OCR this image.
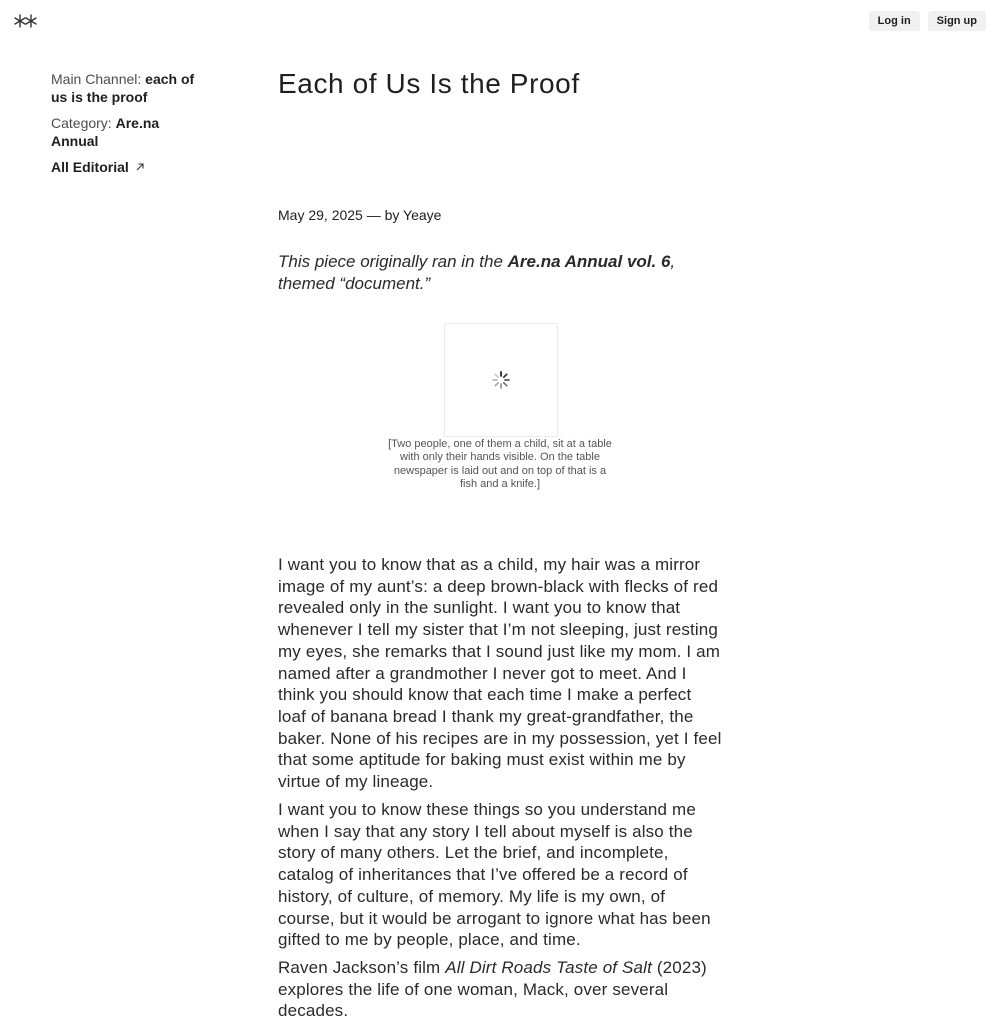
Log in	Sign up
Main Channel: each of us is the proof
Category: Are.na Annual
All Editorial
Each of Us Is the Proof
May 29, 2025 — by Yeaye

This piece originally ran in the Are.na Annual vol. 6, themed “document.”

[Two people, one of them a child, sit at a table with only their hands visible. On the table newspaper is laid out and on top of that is a fish and a knife.]

I want you to know that as a child, my hair was a mirror image of my aunt’s: a deep brown-black with flecks of red revealed only in the sunlight. I want you to know that whenever I tell my sister that I’m not sleeping, just resting my eyes, she remarks that I sound just like my mom. I am named after a grandmother I never got to meet. And I think you should know that each time I make a perfect loaf of banana bread I thank my great-grandfather, the baker. None of his recipes are in my possession, yet I feel that some aptitude for baking must exist within me by virtue of my lineage.

I want you to know these things so you understand me when I say that any story I tell about myself is also the story of many others. Let the brief, and incomplete, catalog of inheritances that I’ve offered be a record of history, of culture, of memory. My life is my own, of course, but it would be arrogant to ignore what has been gifted to me by people, place, and time.

Raven Jackson’s film All Dirt Roads Taste of Salt (2023) explores the life of one woman, Mack, over several decades.
